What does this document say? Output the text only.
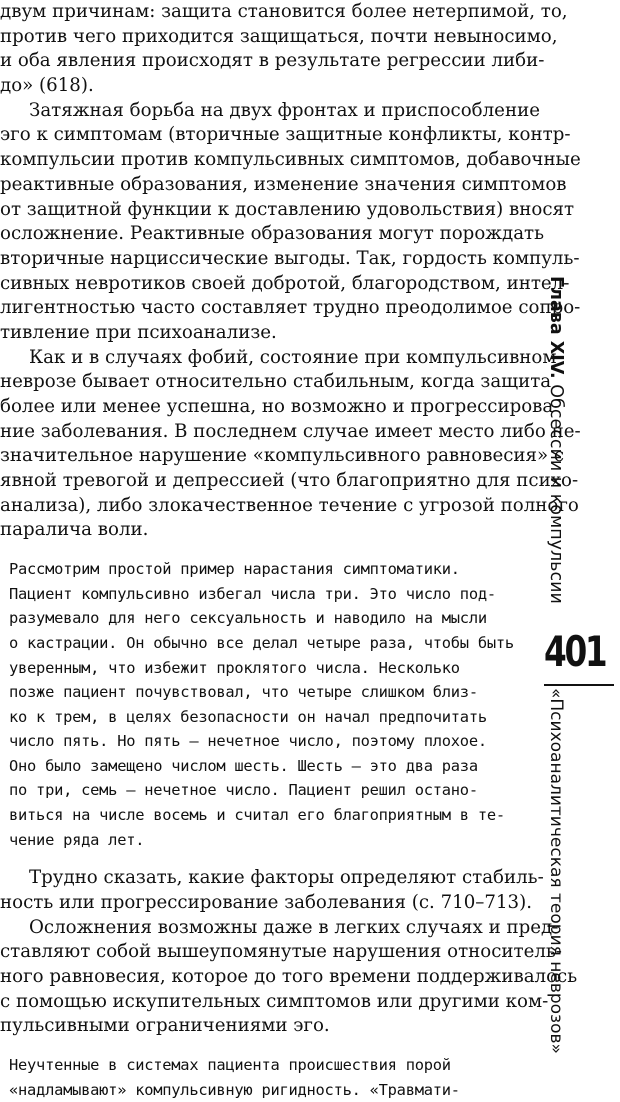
двум причинам: защита становится более нетерпимой, то,
против чего приходится защищаться, почти невыносимо,
и оба явления происходят в результате регрессии либи-
до» (618).
Затяжная борьба на двух фронтах и приспособление
эго к симптомам (вторичные защитные конфликты, контр-
компульсии против компульсивных симптомов, добавочные
реактивные образования, изменение значения симптомов
от защитной функции к доставлению удовольствия) вносят
осложнение. Реактивные образования могут порождать
вторичные нарциссические выгоды. Так, гордость компуль-
сивных невротиков своей добротой, благородством, интел-
лигентностью часто составляет трудно преодолимое сопро-
тивление при психоанализе.
Как и в случаях фобий, состояние при компульсивном
неврозе бывает относительно стабильным, когда защита
более или менее успешна, но возможно и прогрессирова-
ние заболевания. В последнем случае имеет место либо не-
значительное нарушение «компульсивного равновесия» с
явной тревогой и депрессией (что благоприятно для психо-
анализа), либо злокачественное течение с угрозой полного
паралича воли.
Рассмотрим простой пример нарастания симптоматики.
Пациент компульсивно избегал числа три. Это число под-
разумевало для него сексуальность и наводило на мысли
о кастрации. Он обычно все делал четыре раза, чтобы быть
уверенным, что избежит проклятого числа. Несколько
позже пациент почувствовал, что четыре слишком близ-
ко к трем, в целях безопасности он начал предпочитать
число пять. Но пять — нечетное число, поэтому плохое.
Оно было замещено числом шесть. Шесть — это два раза
по три, семь — нечетное число. Пациент решил остано-
виться на числе восемь и считал его благоприятным в те-
чение ряда лет.
Трудно сказать, какие факторы определяют стабиль-
ность или прогрессирование заболевания (с. 710–713).
Осложнения возможны даже в легких случаях и пред-
ставляют собой вышеупомянутые нарушения относитель-
ного равновесия, которое до того времени поддерживалось
с помощью искупительных симптомов или другими ком-
пульсивными ограничениями эго.
Неучтенные в системах пациента происшествия порой
«надламывают» компульсивную ригидность. «Травмати-
Глава XIV. Обсессии и компульсии
401
«Психоаналитическая теория неврозов»
